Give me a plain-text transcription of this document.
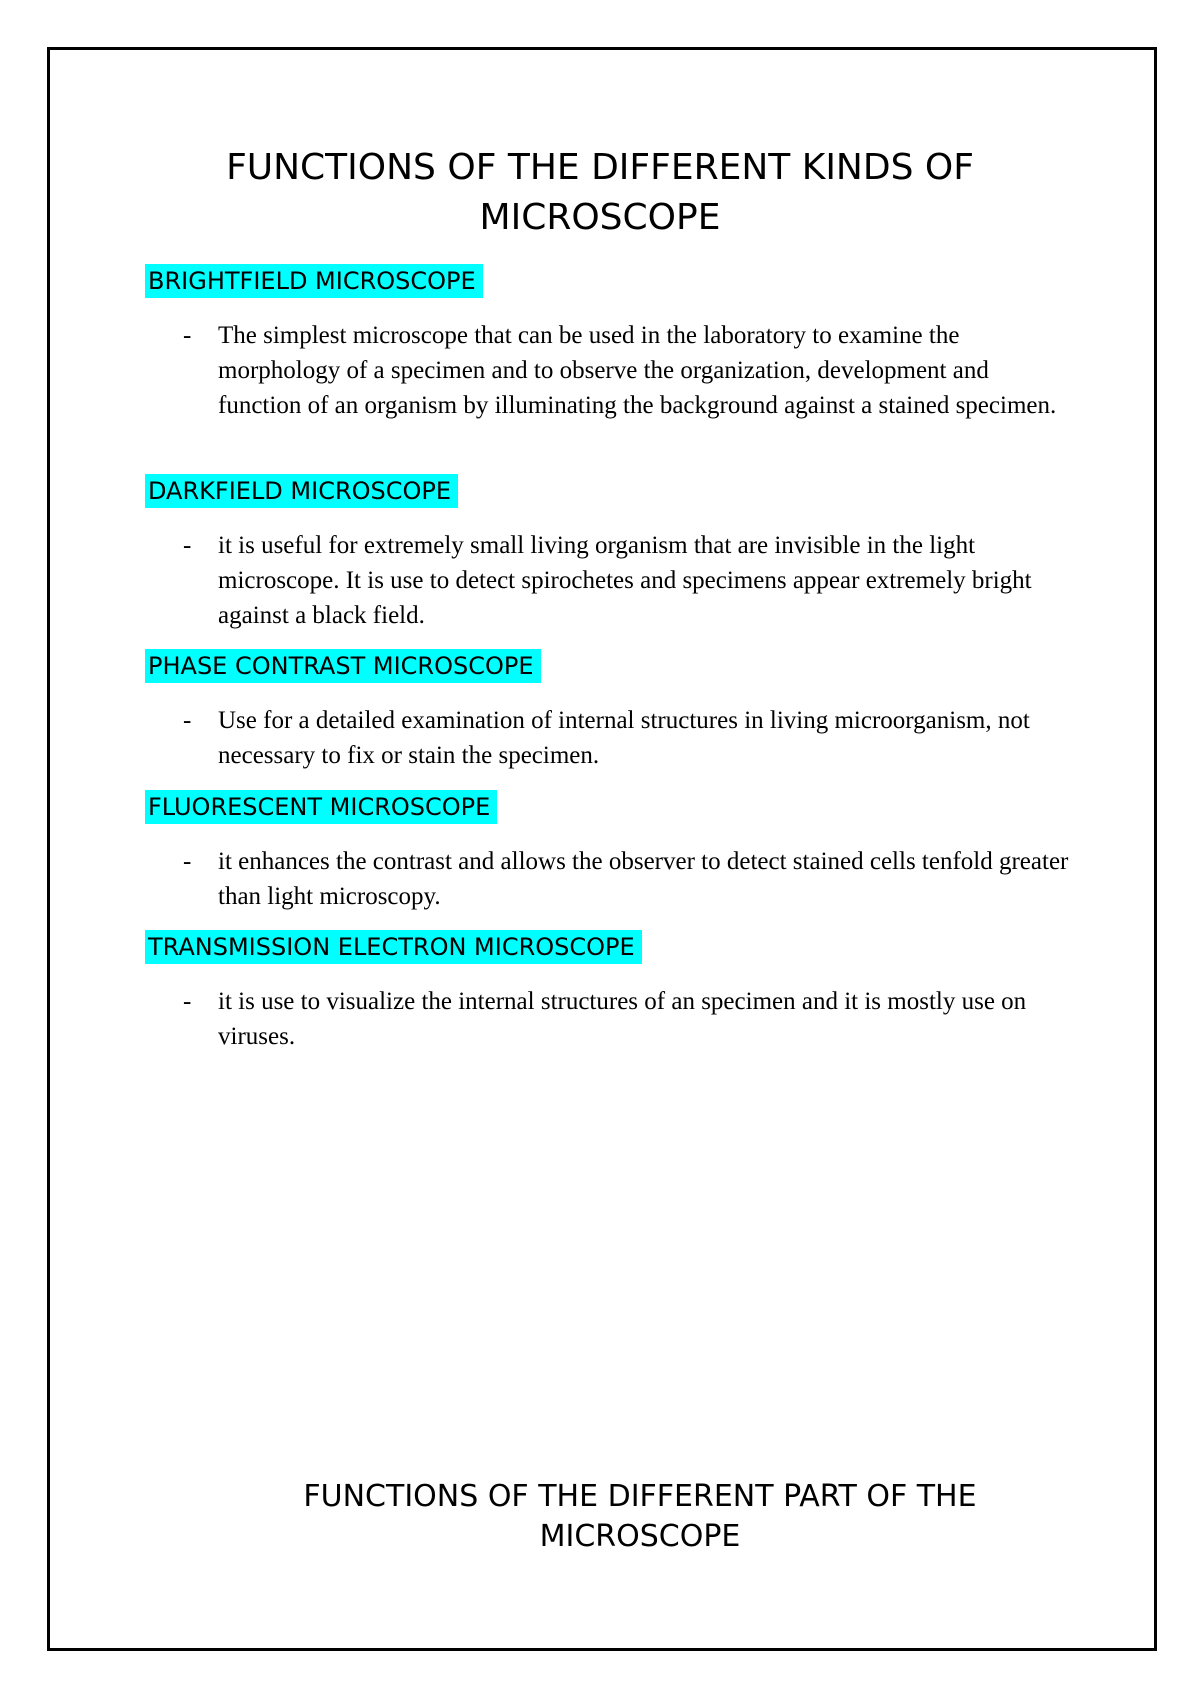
FUNCTIONS OF THE DIFFERENT KINDS OF MICROSCOPE
BRIGHTFIELD MICROSCOPE
- The simplest microscope that can be used in the laboratory to examine the morphology of a specimen and to observe the organization, development and function of an organism by illuminating the background against a stained specimen.

DARKFIELD MICROSCOPE
- it is useful for extremely small living organism that are invisible in the light microscope. It is use to detect spirochetes and specimens appear extremely bright against a black field.

PHASE CONTRAST MICROSCOPE
- Use for a detailed examination of internal structures in living microorganism, not necessary to fix or stain the specimen.

FLUORESCENT MICROSCOPE
- it enhances the contrast and allows the observer to detect stained cells tenfold greater than light microscopy.

TRANSMISSION ELECTRON MICROSCOPE
- it is use to visualize the internal structures of an specimen and it is mostly use on viruses.

FUNCTIONS OF THE DIFFERENT PART OF THE MICROSCOPE
